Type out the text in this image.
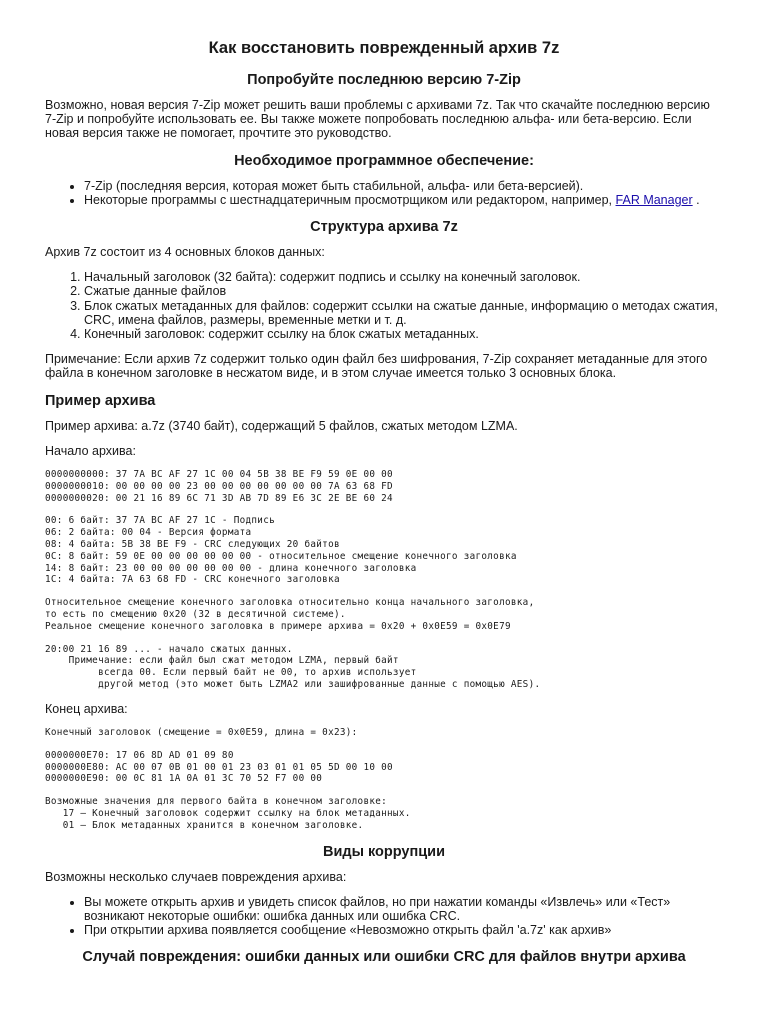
Как восстановить поврежденный архив 7z
Попробуйте последнюю версию 7-Zip

Возможно, новая версия 7-Zip может решить ваши проблемы с архивами 7z. Так что скачайте последнюю версию 7-Zip и попробуйте использовать ее. Вы также можете попробовать последнюю альфа- или бета-версию. Если новая версия также не помогает, прочтите это руководство.

Необходимое программное обеспечение:
• 7-Zip (последняя версия, которая может быть стабильной, альфа- или бета-версией).
• Некоторые программы с шестнадцатеричным просмотрщиком или редактором, например, FAR Manager .
Структура архива 7z

Архив 7z состоит из 4 основных блоков данных:

1. Начальный заголовок (32 байта): содержит подпись и ссылку на конечный заголовок.
2. Сжатые данные файлов
3. Блок сжатых метаданных для файлов: содержит ссылки на сжатые данные, информацию о методах сжатия, CRC, имена файлов, размеры, временные метки и т. д.
4. Конечный заголовок: содержит ссылку на блок сжатых метаданных.

Примечание: Если архив 7z содержит только один файл без шифрования, 7-Zip сохраняет метаданные для этого файла в конечном заголовке в несжатом виде, и в этом случае имеется только 3 основных блока.

Пример архива

Пример архива: a.7z (3740 байт), содержащий 5 файлов, сжатых методом LZMA.

Начало архива:

0000000000: 37 7A BC AF 27 1C 00 04 5B 38 BE F9 59 0E 00 00
0000000010: 00 00 00 00 23 00 00 00 00 00 00 00 7A 63 68 FD
0000000020: 00 21 16 89 6C 71 3D AB 7D 89 E6 3C 2E BE 60 24
00: 6 байт: 37 7A BC AF 27 1C - Подпись
06: 2 байта: 00 04 - Версия формата
08: 4 байта: 5B 38 BE F9 - CRC следующих 20 байтов
0C: 8 байт: 59 0E 00 00 00 00 00 00 - относительное смещение конечного заголовка
14: 8 байт: 23 00 00 00 00 00 00 00 - длина конечного заголовка
1C: 4 байта: 7A 63 68 FD - CRC конечного заголовка
Относительное смещение конечного заголовка относительно конца начального заголовка,
то есть по смещению 0x20 (32 в десятичной системе).
Реальное смещение конечного заголовка в примере архива = 0x20 + 0x0E59 = 0x0E79
20:00 21 16 89 ... - начало сжатых данных.
Примечание: если файл был сжат методом LZMA, первый байт
всегда 00. Если первый байт не 00, то архив использует
другой метод (это может быть LZMA2 или зашифрованные данные с помощью AES).

Конец архива:

Конечный заголовок (смещение = 0x0E59, длина = 0x23):
0000000E70: 17 06 8D AD 01 09 80
0000000E80: AC 00 07 0B 01 00 01 23 03 01 01 05 5D 00 10 00
0000000E90: 00 0C 81 1A 0A 01 3C 70 52 F7 00 00
Возможные значения для первого байта в конечном заголовке:
17 — Конечный заголовок содержит ссылку на блок метаданных.
01 — Блок метаданных хранится в конечном заголовке.
Виды коррупции

Возможны несколько случаев повреждения архива:

• Вы можете открыть архив и увидеть список файлов, но при нажатии команды «Извлечь» или «Тест» возникают некоторые ошибки: ошибка данных или ошибка CRC.
• При открытии архива появляется сообщение «Невозможно открыть файл 'a.7z' как архив»
Случай повреждения: ошибки данных или ошибки CRC для файлов внутри архива
